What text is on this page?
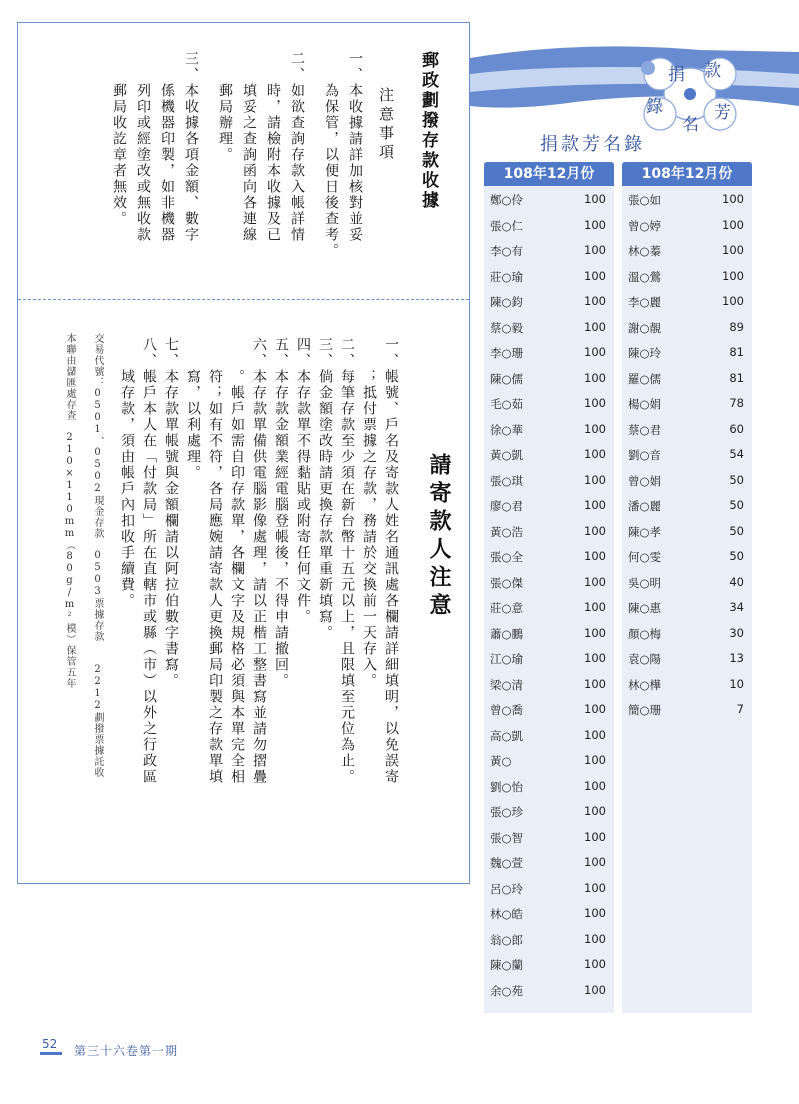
郵政劃撥存款收據
注意事項
一、本收據請詳加核對並妥
　　為保管，以便日後查考。
二、如欲查詢存款入帳詳情
　　時，請檢附本收據及已
　　填妥之查詢函向各連線
　　郵局辦理。
三、本收據各項金額、數字
　　係機器印製，如非機器
　　列印或經塗改或無收款
　　郵局收訖章者無效。
請寄款人注意
一、帳號、戶名及寄款人姓名通訊處各欄請詳細填明，以免誤寄
　　；抵付票據之存款，務請於交換前一天存入。
二、每筆存款至少須在新台幣十五元以上，且限填至元位為止。
三、倘金額塗改時請更換存款單重新填寫。
四、本存款單不得黏貼或附寄任何文件。
五、本存款金額業經電腦登帳後，不得申請撤回。
六、本存款單備供電腦影像處理，請以正楷工整書寫並請勿摺疊
　　。帳戶如需自印存款單，各欄文字及規格必須與本單完全相
　　符；如有不符，各局應婉請寄款人更換郵局印製之存款單填
　　寫，以利處理。
七、本存款單帳號與金額欄請以阿拉伯數字書寫。
八、帳戶本人在「付款局」所在直轄市或縣（市）以外之行政區
　　域存款，須由帳戶內扣收手續費。
交易代號：0501、0502現金存款　0503票據存款　　2212劃撥票據託收
本聯由儲匯處存查　210×110mm（80g/m²模）保管五年
捐 款
錄
名
芳
捐款芳名錄
108年12月份
鄭○伶	100
張○仁	100
李○有	100
莊○瑜	100
陳○鈞	100
蔡○毅	100
李○珊	100
陳○儒	100
毛○茹	100
徐○華	100
黃○凱	100
張○琪	100
廖○君	100
黃○浩	100
張○全	100
張○傑	100
莊○意	100
蕭○鵬	100
江○瑜	100
梁○清	100
曾○喬	100
高○凱	100
黃○	100
劉○怡	100
張○珍	100
張○智	100
魏○萱	100
呂○玲	100
林○皓	100
翁○郎	100
陳○蘭	100
余○苑	100
108年12月份
張○如	100
曾○婷	100
林○蓁	100
溫○鶯	100
李○麗	100
謝○靚	89
陳○玲	81
羅○儒	81
楊○娟	78
蔡○君	60
劉○音	54
曾○娟	50
潘○麗	50
陳○孝	50
何○雯	50
吳○明	40
陳○惠	34
顏○梅	30
袁○陽	13
林○樺	10
簡○珊	7
52 第三十六卷第一期
